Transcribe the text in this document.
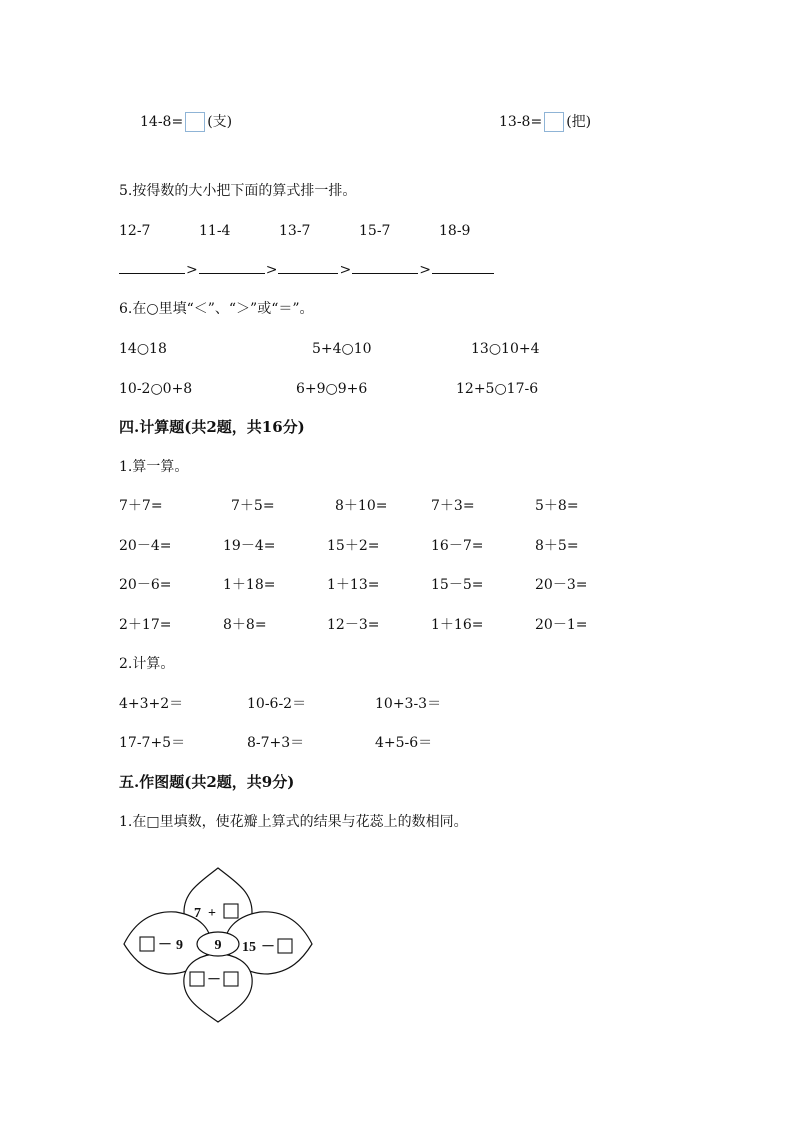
14-8= (支)	13-8= (把)
5.按得数的大小把下面的算式排一排。
12-7	11-4	13-7	15-7	18-9
>	>	>	>
6.在○里填“＜”、“＞”或“＝”。
14○18	5+4○10	13○10+4
10-2○0+8	6+9○9+6	12+5○17-6
四.计算题(共2题，共16分)
1.算一算。
7＋7=	7＋5=	8＋10=	7＋3=	5＋8=
20－4=	19－4=	15＋2=	16－7=	8＋5=
20－6=	1＋18=	1＋13=	15－5=	20－3=
2＋17=	8＋8=	12－3=	1＋16=	20－1=
2.计算。
4+3+2＝	10-6-2＝	10+3-3＝
17-7+5＝	8-7+3＝	4+5-6＝
五.作图题(共2题，共9分)
1.在□里填数，使花瓣上算式的结果与花蕊上的数相同。
9
7 +
－ 9	15 －
－
